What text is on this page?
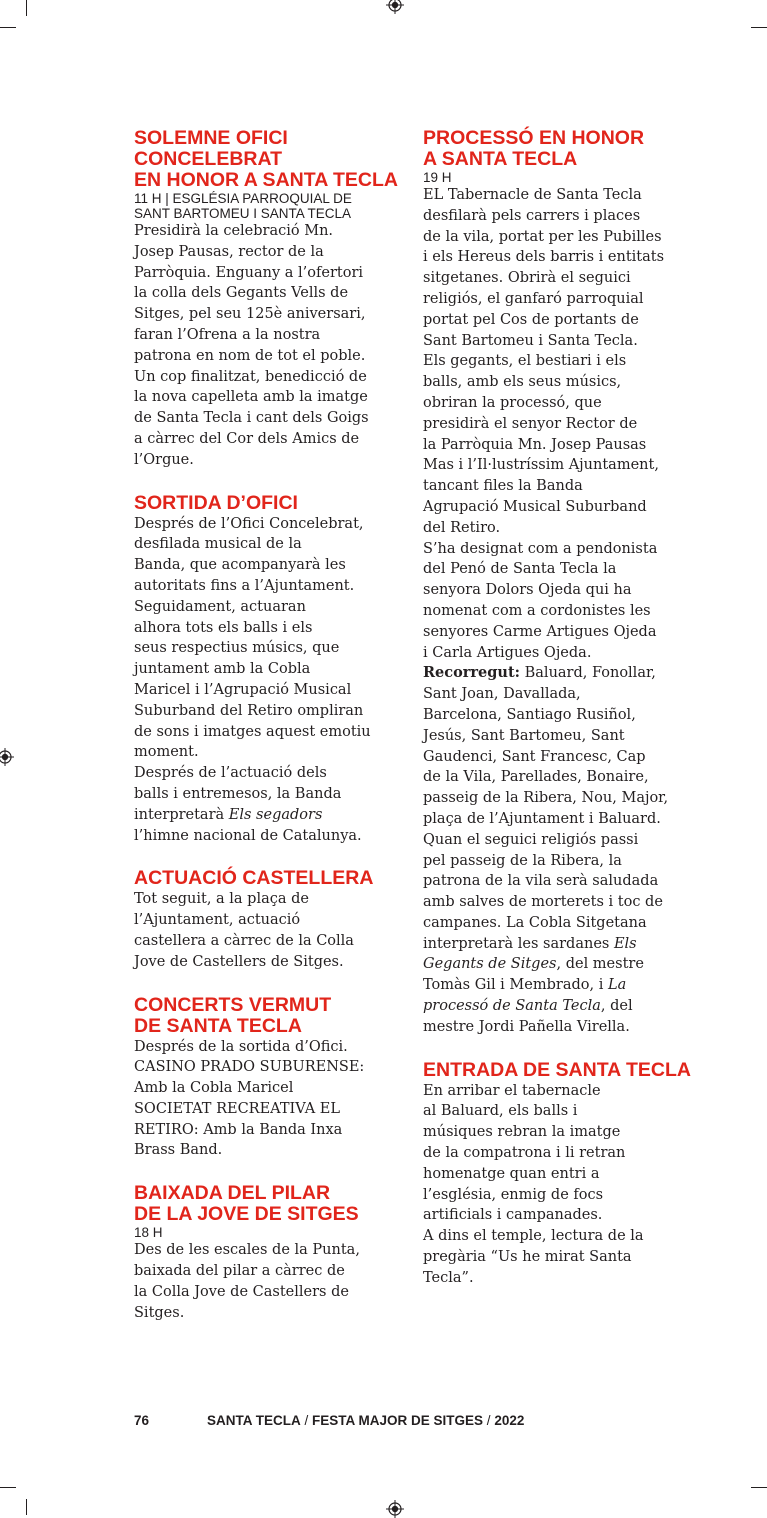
SOLEMNE OFICI
CONCELEBRAT
EN HONOR A SANTA TECLA
11 H | ESGLÉSIA PARROQUIAL DE
SANT BARTOMEU I SANTA TECLA
Presidirà la celebració Mn.
Josep Pausas, rector de la
Parròquia. Enguany a l’ofertori
la colla dels Gegants Vells de
Sitges, pel seu 125è aniversari,
faran l’Ofrena a la nostra
patrona en nom de tot el poble.
Un cop finalitzat, benedicció de
la nova capelleta amb la imatge
de Santa Tecla i cant dels Goigs
a càrrec del Cor dels Amics de
l’Orgue.
SORTIDA D’OFICI
Després de l’Ofici Concelebrat,
desfilada musical de la
Banda, que acompanyarà les
autoritats fins a l’Ajuntament.
Seguidament, actuaran
alhora tots els balls i els
seus respectius músics, que
juntament amb la Cobla
Maricel i l’Agrupació Musical
Suburband del Retiro ompliran
de sons i imatges aquest emotiu
moment.
Després de l’actuació dels
balls i entremesos, la Banda
interpretarà Els segadors
l’himne nacional de Catalunya.
ACTUACIÓ CASTELLERA
Tot seguit, a la plaça de
l’Ajuntament, actuació
castellera a càrrec de la Colla
Jove de Castellers de Sitges.
CONCERTS VERMUT
DE SANTA TECLA
Després de la sortida d’Ofici.
CASINO PRADO SUBURENSE:
Amb la Cobla Maricel
SOCIETAT RECREATIVA EL
RETIRO: Amb la Banda Inxa
Brass Band.
BAIXADA DEL PILAR
DE LA JOVE DE SITGES
18 H
Des de les escales de la Punta,
baixada del pilar a càrrec de
la Colla Jove de Castellers de
Sitges.
PROCESSÓ EN HONOR
A SANTA TECLA
19 H
EL Tabernacle de Santa Tecla
desfilarà pels carrers i places
de la vila, portat per les Pubilles
i els Hereus dels barris i entitats
sitgetanes. Obrirà el seguici
religiós, el ganfaró parroquial
portat pel Cos de portants de
Sant Bartomeu i Santa Tecla.
Els gegants, el bestiari i els
balls, amb els seus músics,
obriran la processó, que
presidirà el senyor Rector de
la Parròquia Mn. Josep Pausas
Mas i l’Il·lustríssim Ajuntament,
tancant files la Banda
Agrupació Musical Suburband
del Retiro.
S’ha designat com a pendonista
del Penó de Santa Tecla la
senyora Dolors Ojeda qui ha
nomenat com a cordonistes les
senyores Carme Artigues Ojeda
i Carla Artigues Ojeda.
Recorregut: Baluard, Fonollar,
Sant Joan, Davallada,
Barcelona, Santiago Rusiñol,
Jesús, Sant Bartomeu, Sant
Gaudenci, Sant Francesc, Cap
de la Vila, Parellades, Bonaire,
passeig de la Ribera, Nou, Major,
plaça de l’Ajuntament i Baluard.
Quan el seguici religiós passi
pel passeig de la Ribera, la
patrona de la vila serà saludada
amb salves de morterets i toc de
campanes. La Cobla Sitgetana
interpretarà les sardanes Els
Gegants de Sitges, del mestre
Tomàs Gil i Membrado, i La
processó de Santa Tecla, del
mestre Jordi Pañella Virella.
ENTRADA DE SANTA TECLA
En arribar el tabernacle
al Baluard, els balls i
músiques rebran la imatge
de la compatrona i li retran
homenatge quan entri a
l’església, enmig de focs
artificials i campanades.
A dins el temple, lectura de la
pregària “Us he mirat Santa
Tecla”.
76	SANTA TECLA / FESTA MAJOR DE SITGES / 2022
